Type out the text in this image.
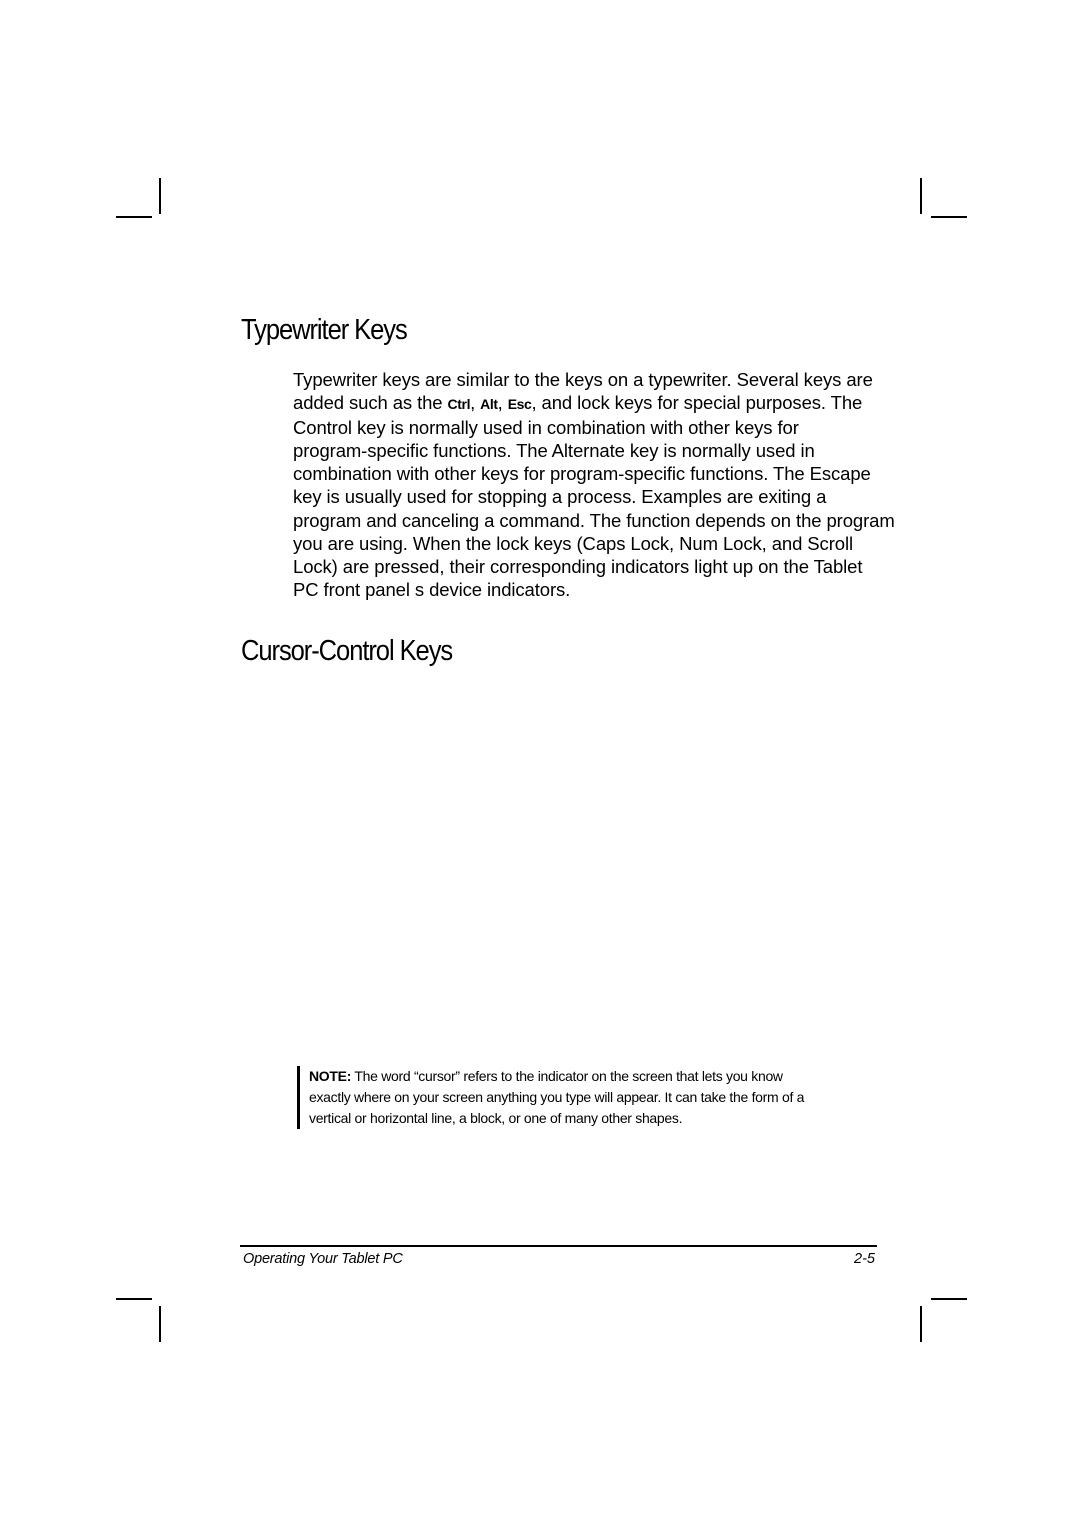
Typewriter Keys

Typewriter keys are similar to the keys on a typewriter. Several keys are
added such as the Ctrl, Alt, Esc, and lock keys for special purposes. The
Control key is normally used in combination with other keys for
program-specific functions. The Alternate key is normally used in
combination with other keys for program-specific functions. The Escape
key is usually used for stopping a process. Examples are exiting a
program and canceling a command. The function depends on the program
you are using. When the lock keys (Caps Lock, Num Lock, and Scroll
Lock) are pressed, their corresponding indicators light up on the Tablet
PC front panel s device indicators.

Cursor-Control Keys
NOTE: The word “cursor” refers to the indicator on the screen that lets you know
exactly where on your screen anything you type will appear. It can take the form of a
vertical or horizontal line, a block, or one of many other shapes.
Operating Your Tablet PC	2-5
